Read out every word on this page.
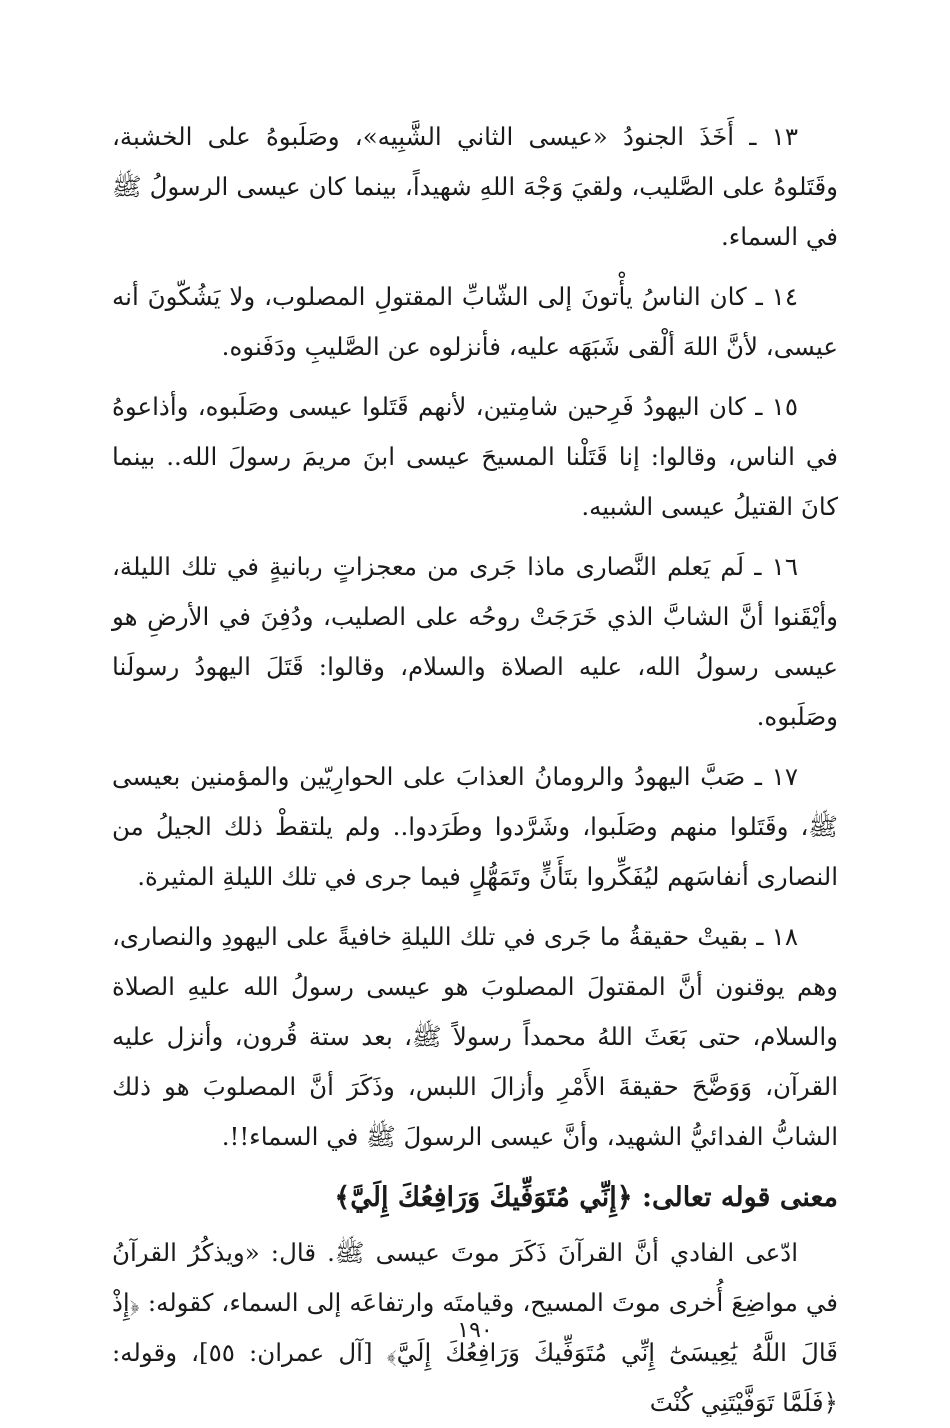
١٣ ـ أَخَذَ الجنودُ «عيسى الثاني الشَّبِيه»، وصَلَبوهُ على الخشبة، وقَتَلوهُ على الصَّليب، ولقيَ وَجْهَ اللهِ شهيداً، بينما كان عيسى الرسولُ ﷺ في السماء.

١٤ ـ كان الناسُ يأْتونَ إلى الشّابِّ المقتولِ المصلوب، ولا يَشُكّونَ أنه عيسى، لأنَّ اللهَ ألْقى شَبَهَه عليه، فأنزلوه عن الصَّليبِ ودَفَنوه.

١٥ ـ كان اليهودُ فَرِحين شامِتين، لأنهم قَتَلوا عيسى وصَلَبوه، وأذاعوهُ في الناس، وقالوا: إنا قَتَلْنا المسيحَ عيسى ابنَ مريمَ رسولَ الله.. بينما كانَ القتيلُ عيسى الشبيه.

١٦ ـ لَم يَعلم النَّصارى ماذا جَرى من معجزاتٍ ربانيةٍ في تلك الليلة، وأيْقَنوا أنَّ الشابَّ الذي خَرَجَتْ روحُه على الصليب، ودُفِنَ في الأرضِ هو عيسى رسولُ الله، عليه الصلاة والسلام، وقالوا: قَتَلَ اليهودُ رسولَنا وصَلَبوه.

١٧ ـ صَبَّ اليهودُ والرومانُ العذابَ على الحوارِيّين والمؤمنين بعيسى ﷺ، وقَتَلوا منهم وصَلَبوا، وشَرَّدوا وطَرَدوا.. ولم يلتقطْ ذلك الجيلُ من النصارى أنفاسَهم ليُفَكِّروا بتَأَنٍّ وتَمَهُّلٍ فيما جرى في تلك الليلةِ المثيرة.

١٨ ـ بقيتْ حقيقةُ ما جَرى في تلك الليلةِ خافيةً على اليهودِ والنصارى، وهم يوقنون أنَّ المقتولَ المصلوبَ هو عيسى رسولُ الله عليهِ الصلاة والسلام، حتى بَعَثَ اللهُ محمداً رسولاً ﷺ، بعد ستة قُرون، وأنزل عليه القرآن، وَوَضَّحَ حقيقةَ الأَمْرِ وأزالَ اللبس، وذَكَرَ أنَّ المصلوبَ هو ذلك الشابُّ الفدائيُّ الشهيد، وأنَّ عيسى الرسولَ ﷺ في السماء!!.

معنى قوله تعالى: ﴿إِنِّي مُتَوَفِّيكَ وَرَافِعُكَ إِلَيَّ﴾

ادّعى الفادي أنَّ القرآنَ ذَكَرَ موتَ عيسى ﷺ. قال: «ويذكُرُ القرآنُ في مواضِعَ أُخرى موتَ المسيح، وقيامتَه وارتفاعَه إلى السماء، كقوله: ﴿إِذْ قَالَ اللَّهُ يَٰعِيسَىٰٓ إِنِّي مُتَوَفِّيكَ وَرَافِعُكَ إِلَيَّ﴾ [آل عمران: ٥٥]، وقوله: ﴿فَلَمَّا تَوَفَّيْتَنِي كُنْتَ

١٩٠
